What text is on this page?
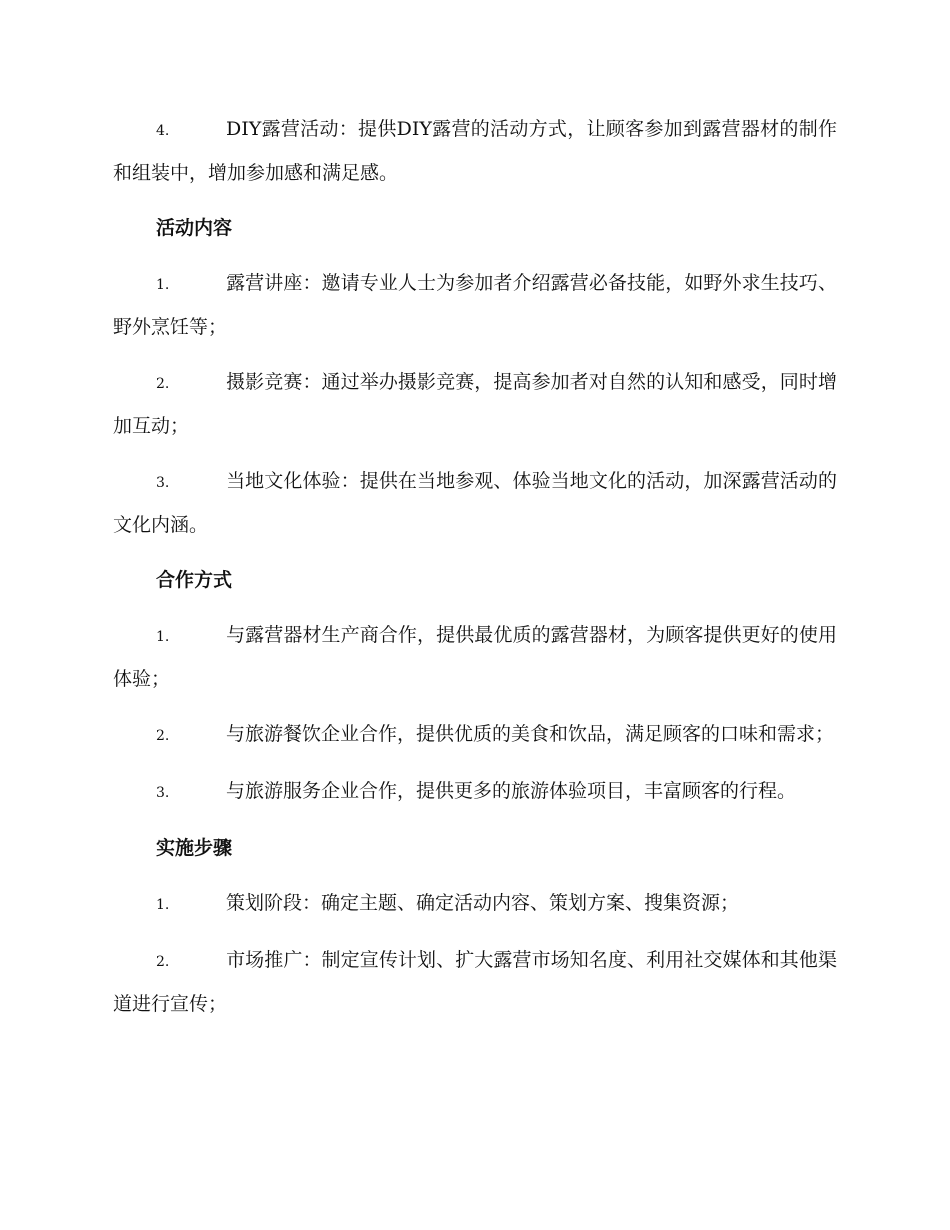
4.	DIY露营活动：提供DIY露营的活动方式，让顾客参加到露营器材的制作和组装中，增加参加感和满足感。

活动内容

1.	露营讲座：邀请专业人士为参加者介绍露营必备技能，如野外求生技巧、野外烹饪等；

2.	摄影竞赛：通过举办摄影竞赛，提高参加者对自然的认知和感受，同时增加互动；

3.	当地文化体验：提供在当地参观、体验当地文化的活动，加深露营活动的文化内涵。

合作方式

1.	与露营器材生产商合作，提供最优质的露营器材，为顾客提供更好的使用体验；

2.	与旅游餐饮企业合作，提供优质的美食和饮品，满足顾客的口味和需求；

3.	与旅游服务企业合作，提供更多的旅游体验项目，丰富顾客的行程。

实施步骤

1.	策划阶段：确定主题、确定活动内容、策划方案、搜集资源；

2.	市场推广：制定宣传计划、扩大露营市场知名度、利用社交媒体和其他渠道进行宣传；
